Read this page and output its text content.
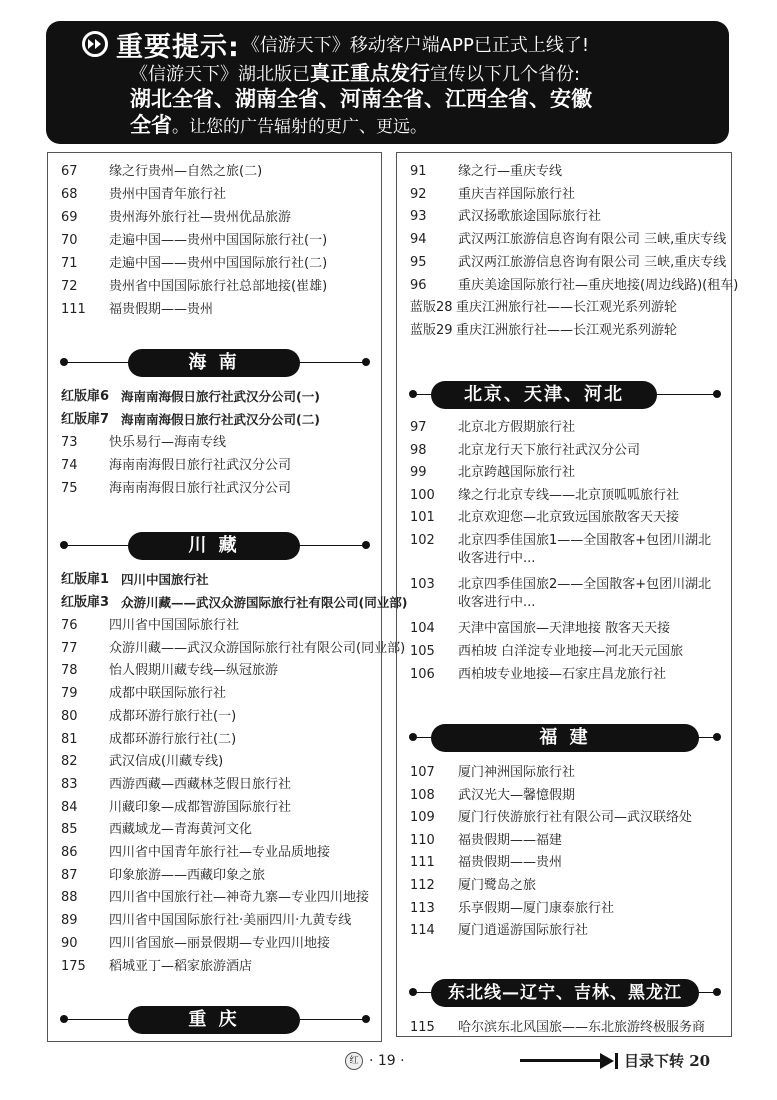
重要提示: 《信游天下》移动客户端APP已正式上线了!
《信游天下》湖北版已真正重点发行宣传以下几个省份:
湖北全省、湖南全省、河南全省、江西全省、安徽
全省。让您的广告辐射的更广、更远。
67 缘之行贵州—自然之旅(二)
68 贵州中国青年旅行社
69 贵州海外旅行社—贵州优品旅游
70 走遍中国——贵州中国国际旅行社(一)
71 走遍中国——贵州中国国际旅行社(二)
72 贵州省中国国际旅行社总部地接(崔雄)
111 福贵假期——贵州
红版扉6 海南南海假日旅行社武汉分公司(一)
红版扉7 海南南海假日旅行社武汉分公司(二)
73 快乐易行—海南专线
74 海南南海假日旅行社武汉分公司
75 海南南海假日旅行社武汉分公司
红版扉1 四川中国旅行社
红版扉3 众游川藏——武汉众游国际旅行社有限公司(同业部)
76 四川省中国国际旅行社
77 众游川藏——武汉众游国际旅行社有限公司(同业部)
78 怡人假期川藏专线—纵冠旅游
79 成都中联国际旅行社
80 成都环游行旅行社(一)
81 成都环游行旅行社(二)
82 武汉信成(川藏专线)
83 西游西藏—西藏林芝假日旅行社
84 川藏印象—成都智游国际旅行社
85 西藏域龙—青海黄河文化
86 四川省中国青年旅行社—专业品质地接
87 印象旅游——西藏印象之旅
88 四川省中国旅行社—神奇九寨—专业四川地接
89 四川省中国国际旅行社·美丽四川·九黄专线
90 四川省国旅—丽景假期—专业四川地接
175 稻城亚丁—稻家旅游酒店
海 南
川 藏
重 庆
91 缘之行—重庆专线
92 重庆吉祥国际旅行社
93 武汉扬歌旅途国际旅行社
94 武汉两江旅游信息咨询有限公司 三峡,重庆专线
95 武汉两江旅游信息咨询有限公司 三峡,重庆专线
96 重庆美途国际旅行社—重庆地接(周边线路)(租车)
蓝版28 重庆江洲旅行社——长江观光系列游轮
蓝版29 重庆江洲旅行社——长江观光系列游轮
97 北京北方假期旅行社
98 北京龙行天下旅行社武汉分公司
99 北京跨越国际旅行社
100 缘之行北京专线——北京顶呱呱旅行社
101 北京欢迎您—北京致远国旅散客天天接
102 北京四季佳国旅1——全国散客+包团川湖北收客进行中...
103 北京四季佳国旅2——全国散客+包团川湖北收客进行中...
104 天津中富国旅—天津地接 散客天天接
105 西柏坡 白洋淀专业地接—河北天元国旅
106 西柏坡专业地接—石家庄昌龙旅行社
107 厦门神洲国际旅行社
108 武汉光大—馨憶假期
109 厦门行侠游旅行社有限公司—武汉联络处
110 福贵假期——福建
111 福贵假期——贵州
112 厦门鹭岛之旅
113 乐享假期—厦门康泰旅行社
114 厦门逍遥游国际旅行社
115 哈尔滨东北风国旅——东北旅游终极服务商
北京、天津、河北
福 建
东北线—辽宁、吉林、黑龙江
红 · 19 ·	目录下转 20
